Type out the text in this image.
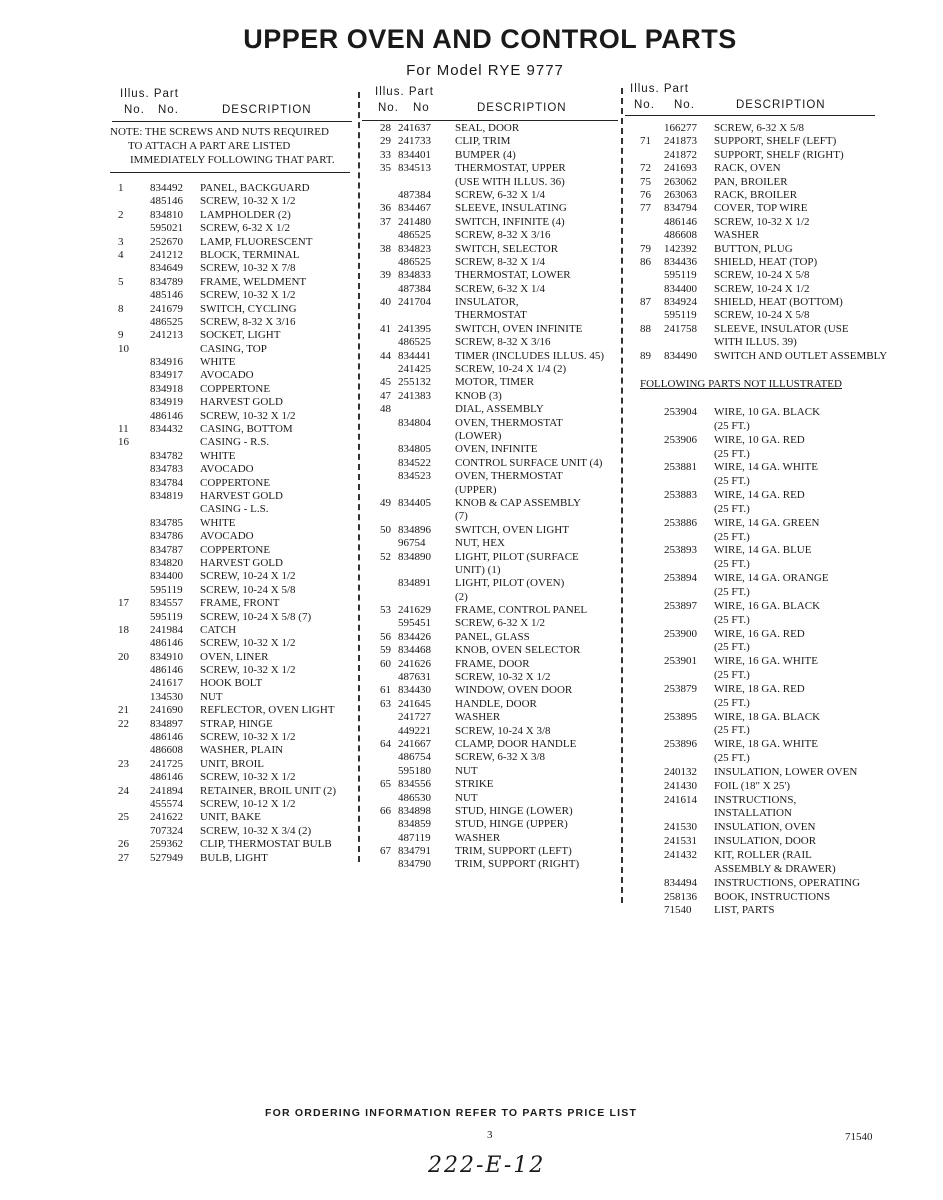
UPPER OVEN AND CONTROL PARTS
For Model RYE 9777
Illus. Part
No. No.	DESCRIPTION
NOTE: THE SCREWS AND NUTS REQUIRED
TO ATTACH A PART ARE LISTED
IMMEDIATELY FOLLOWING THAT PART.
Illus. Part
No. No	DESCRIPTION
Illus. Part
No. No.	DESCRIPTION
1 834492 PANEL, BACKGUARD
485146 SCREW, 10-32 X 1/2
2 834810 LAMPHOLDER (2)
595021 SCREW, 6-32 X 1/2
3 252670 LAMP, FLUORESCENT
4 241212 BLOCK, TERMINAL
834649 SCREW, 10-32 X 7/8
5 834789 FRAME, WELDMENT
485146 SCREW, 10-32 X 1/2
8 241679 SWITCH, CYCLING
486525 SCREW, 8-32 X 3/16
9 241213 SOCKET, LIGHT
10	CASING, TOP
834916 WHITE
834917 AVOCADO
834918 COPPERTONE
834919 HARVEST GOLD
486146 SCREW, 10-32 X 1/2
11 834432 CASING, BOTTOM
16	CASING - R.S.
834782 WHITE
834783 AVOCADO
834784 COPPERTONE
834819 HARVEST GOLD
CASING - L.S.
834785 WHITE
834786 AVOCADO
834787 COPPERTONE
834820 HARVEST GOLD
834400 SCREW, 10-24 X 1/2
595119 SCREW, 10-24 X 5/8
17 834557 FRAME, FRONT
595119 SCREW, 10-24 X 5/8 (7)
18 241984 CATCH
486146 SCREW, 10-32 X 1/2
20 834910 OVEN, LINER
486146 SCREW, 10-32 X 1/2
241617 HOOK BOLT
134530 NUT
21 241690 REFLECTOR, OVEN LIGHT
22 834897 STRAP, HINGE
486146 SCREW, 10-32 X 1/2
486608 WASHER, PLAIN
23 241725 UNIT, BROIL
486146 SCREW, 10-32 X 1/2
24 241894 RETAINER, BROIL UNIT (2)
455574 SCREW, 10-12 X 1/2
25 241622 UNIT, BAKE
707324 SCREW, 10-32 X 3/4 (2)
26 259362 CLIP, THERMOSTAT BULB
27 527949 BULB, LIGHT
28 241637 SEAL, DOOR
29 241733 CLIP, TRIM
33 834401 BUMPER (4)
35 834513 THERMOSTAT, UPPER
(USE WITH ILLUS. 36)
487384 SCREW, 6-32 X 1/4
36 834467 SLEEVE, INSULATING
37 241480 SWITCH, INFINITE (4)
486525 SCREW, 8-32 X 3/16
38 834823 SWITCH, SELECTOR
486525 SCREW, 8-32 X 1/4
39 834833 THERMOSTAT, LOWER
487384 SCREW, 6-32 X 1/4
40 241704 INSULATOR,
THERMOSTAT
41 241395 SWITCH, OVEN INFINITE
486525 SCREW, 8-32 X 3/16
44 834441 TIMER (INCLUDES ILLUS. 45)
241425 SCREW, 10-24 X 1/4 (2)
45 255132 MOTOR, TIMER
47 241383 KNOB (3)
48	DIAL, ASSEMBLY
834804 OVEN, THERMOSTAT
(LOWER)
834805 OVEN, INFINITE
834522 CONTROL SURFACE UNIT (4)
834523 OVEN, THERMOSTAT
(UPPER)
49 834405 KNOB & CAP ASSEMBLY
(7)
50 834896 SWITCH, OVEN LIGHT
96754	NUT, HEX
52 834890 LIGHT, PILOT (SURFACE
UNIT) (1)
834891 LIGHT, PILOT (OVEN)
(2)
53 241629 FRAME, CONTROL PANEL
595451 SCREW, 6-32 X 1/2
56 834426 PANEL, GLASS
59 834468 KNOB, OVEN SELECTOR
60 241626 FRAME, DOOR
487631 SCREW, 10-32 X 1/2
61 834430 WINDOW, OVEN DOOR
63 241645 HANDLE, DOOR
241727 WASHER
449221 SCREW, 10-24 X 3/8
64 241667 CLAMP, DOOR HANDLE
486754 SCREW, 6-32 X 3/8
595180 NUT
65 834556 STRIKE
486530 NUT
66 834898 STUD, HINGE (LOWER)
834859 STUD, HINGE (UPPER)
487119 WASHER
67 834791 TRIM, SUPPORT (LEFT)
834790 TRIM, SUPPORT (RIGHT)
166277 SCREW, 6-32 X 5/8
71 241873 SUPPORT, SHELF (LEFT)
241872 SUPPORT, SHELF (RIGHT)
72 241693 RACK, OVEN
75 263062 PAN, BROILER
76 263063 RACK, BROILER
77 834794 COVER, TOP WIRE
486146 SCREW, 10-32 X 1/2
486608 WASHER
79 142392 BUTTON, PLUG
86 834436 SHIELD, HEAT (TOP)
595119 SCREW, 10-24 X 5/8
834400 SCREW, 10-24 X 1/2
87 834924 SHIELD, HEAT (BOTTOM)
595119 SCREW, 10-24 X 5/8
88 241758 SLEEVE, INSULATOR (USE
WITH ILLUS. 39)
89 834490 SWITCH AND OUTLET ASSEMBLY
FOLLOWING PARTS NOT ILLUSTRATED
253904 WIRE, 10 GA. BLACK
(25 FT.)
253906 WIRE, 10 GA. RED
(25 FT.)
253881 WIRE, 14 GA. WHITE
(25 FT.)
253883 WIRE, 14 GA. RED
(25 FT.)
253886 WIRE, 14 GA. GREEN
(25 FT.)
253893 WIRE, 14 GA. BLUE
(25 FT.)
253894 WIRE, 14 GA. ORANGE
(25 FT.)
253897 WIRE, 16 GA. BLACK
(25 FT.)
253900 WIRE, 16 GA. RED
(25 FT.)
253901 WIRE, 16 GA. WHITE
(25 FT.)
253879 WIRE, 18 GA. RED
(25 FT.)
253895 WIRE, 18 GA. BLACK
(25 FT.)
253896 WIRE, 18 GA. WHITE
(25 FT.)
240132 INSULATION, LOWER OVEN
241430 FOIL (18" X 25')
241614 INSTRUCTIONS,
INSTALLATION
241530 INSULATION, OVEN
241531 INSULATION, DOOR
241432 KIT, ROLLER (RAIL
ASSEMBLY & DRAWER)
834494 INSTRUCTIONS, OPERATING
258136 BOOK, INSTRUCTIONS
71540 LIST, PARTS
FOR ORDERING INFORMATION REFER TO PARTS PRICE LIST
3	71540
222-E-12
